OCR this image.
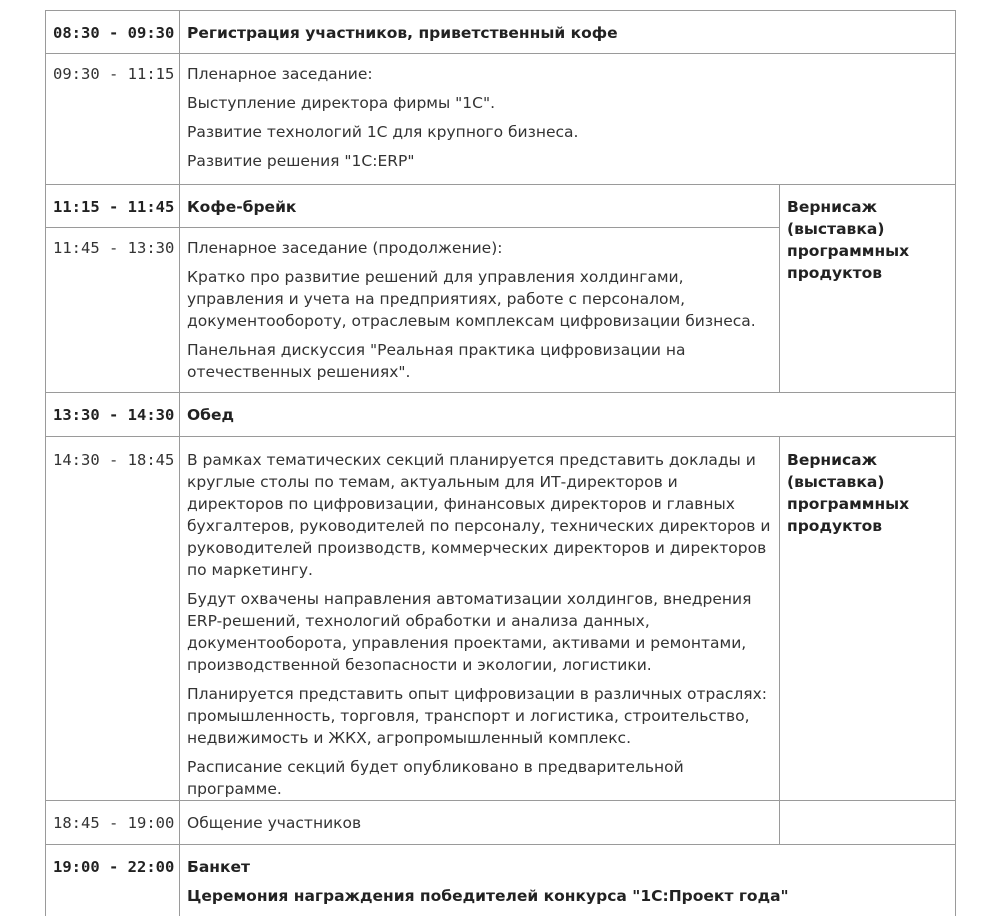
08:30 - 09:30	Регистрация участников, приветственный кофе	

09:30 - 11:15	Пленарное заседание:
Выступление директора фирмы "1С".
Развитие технологий 1С для крупного бизнеса.
Развитие решения "1С:ERP"	

11:15 - 11:45	Кофе-брейк	Вернисаж (выставка) программных продуктов

11:45 - 13:30	Пленарное заседание (продолжение):
Кратко про развитие решений для управления холдингами, управления и учета на предприятиях, работе с персоналом, документообороту, отраслевым комплексам цифровизации бизнеса.
Панельная дискуссия "Реальная практика цифровизации на отечественных решениях".	

13:30 - 14:30	Обед	

14:30 - 18:45	В рамках тематических секций планируется представить доклады и круглые столы по темам, актуальным для ИТ-директоров и директоров по цифровизации, финансовых директоров и главных бухгалтеров, руководителей по персоналу, технических директоров и руководителей производств, коммерческих директоров и директоров по маркетингу.
Будут охвачены направления автоматизации холдингов, внедрения ERP-решений, технологий обработки и анализа данных, документооборота, управления проектами, активами и ремонтами, производственной безопасности и экологии, логистики.
Планируется представить опыт цифровизации в различных отраслях: промышленность, торговля, транспорт и логистика, строительство, недвижимость и ЖКХ, агропромышленный комплекс.
Расписание секций будет опубликовано в предварительной программе.	Вернисаж (выставка) программных продуктов

18:45 - 19:00	Общение участников	

19:00 - 22:00	Банкет
Церемония награждения победителей конкурса "1С:Проект года"	
